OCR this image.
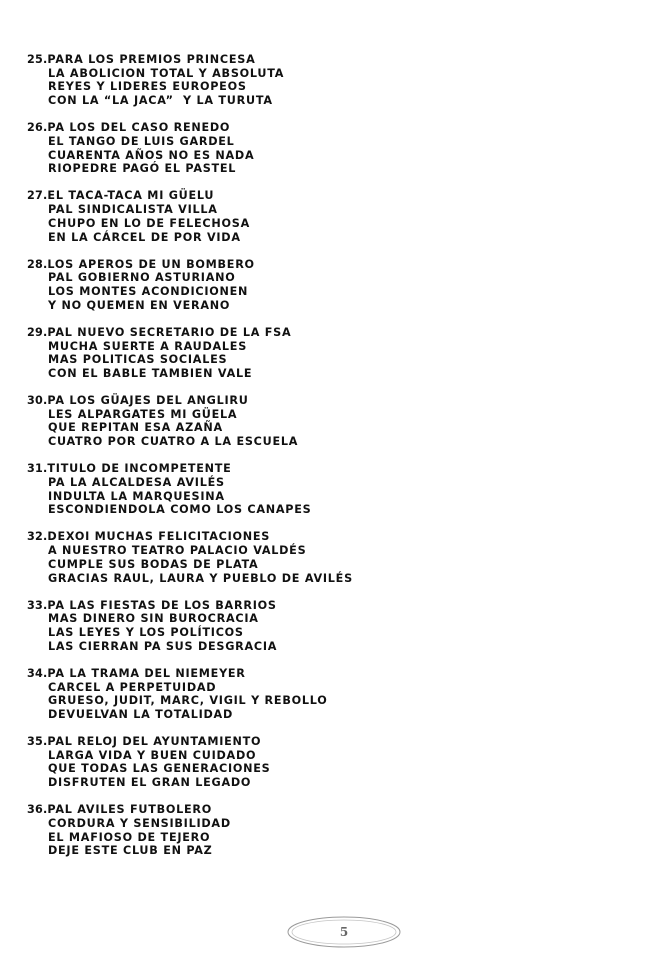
25.PARA LOS PREMIOS PRINCESA
LA ABOLICION TOTAL Y ABSOLUTA
REYES Y LIDERES EUROPEOS
CON LA “LA JACA”  Y LA TURUTA
26.PA LOS DEL CASO RENEDO
EL TANGO DE LUIS GARDEL
CUARENTA AÑOS NO ES NADA
RIOPEDRE PAGÓ EL PASTEL
27.EL TACA-TACA MI GÜELU
PAL SINDICALISTA VILLA
CHUPO EN LO DE FELECHOSA
EN LA CÁRCEL DE POR VIDA
28.LOS APEROS DE UN BOMBERO
PAL GOBIERNO ASTURIANO
LOS MONTES ACONDICIONEN
Y NO QUEMEN EN VERANO
29.PAL NUEVO SECRETARIO DE LA FSA
MUCHA SUERTE A RAUDALES
MAS POLITICAS SOCIALES
CON EL BABLE TAMBIEN VALE
30.PA LOS GÜAJES DEL ANGLIRU
LES ALPARGATES MI GÜELA
QUE REPITAN ESA AZAÑA
CUATRO POR CUATRO A LA ESCUELA
31.TITULO DE INCOMPETENTE
PA LA ALCALDESA AVILÉS
INDULTA LA MARQUESINA
ESCONDIENDOLA COMO LOS CANAPES
32.DEXOI MUCHAS FELICITACIONES
A NUESTRO TEATRO PALACIO VALDÉS
CUMPLE SUS BODAS DE PLATA
GRACIAS RAUL, LAURA Y PUEBLO DE AVILÉS
33.PA LAS FIESTAS DE LOS BARRIOS
MAS DINERO SIN BUROCRACIA
LAS LEYES Y LOS POLÍTICOS
LAS CIERRAN PA SUS DESGRACIA
34.PA LA TRAMA DEL NIEMEYER
CARCEL A PERPETUIDAD
GRUESO, JUDIT, MARC, VIGIL Y REBOLLO
DEVUELVAN LA TOTALIDAD
35.PAL RELOJ DEL AYUNTAMIENTO
LARGA VIDA Y BUEN CUIDADO
QUE TODAS LAS GENERACIONES
DISFRUTEN EL GRAN LEGADO
36.PAL AVILES FUTBOLERO
CORDURA Y SENSIBILIDAD
EL MAFIOSO DE TEJERO
DEJE ESTE CLUB EN PAZ
5
